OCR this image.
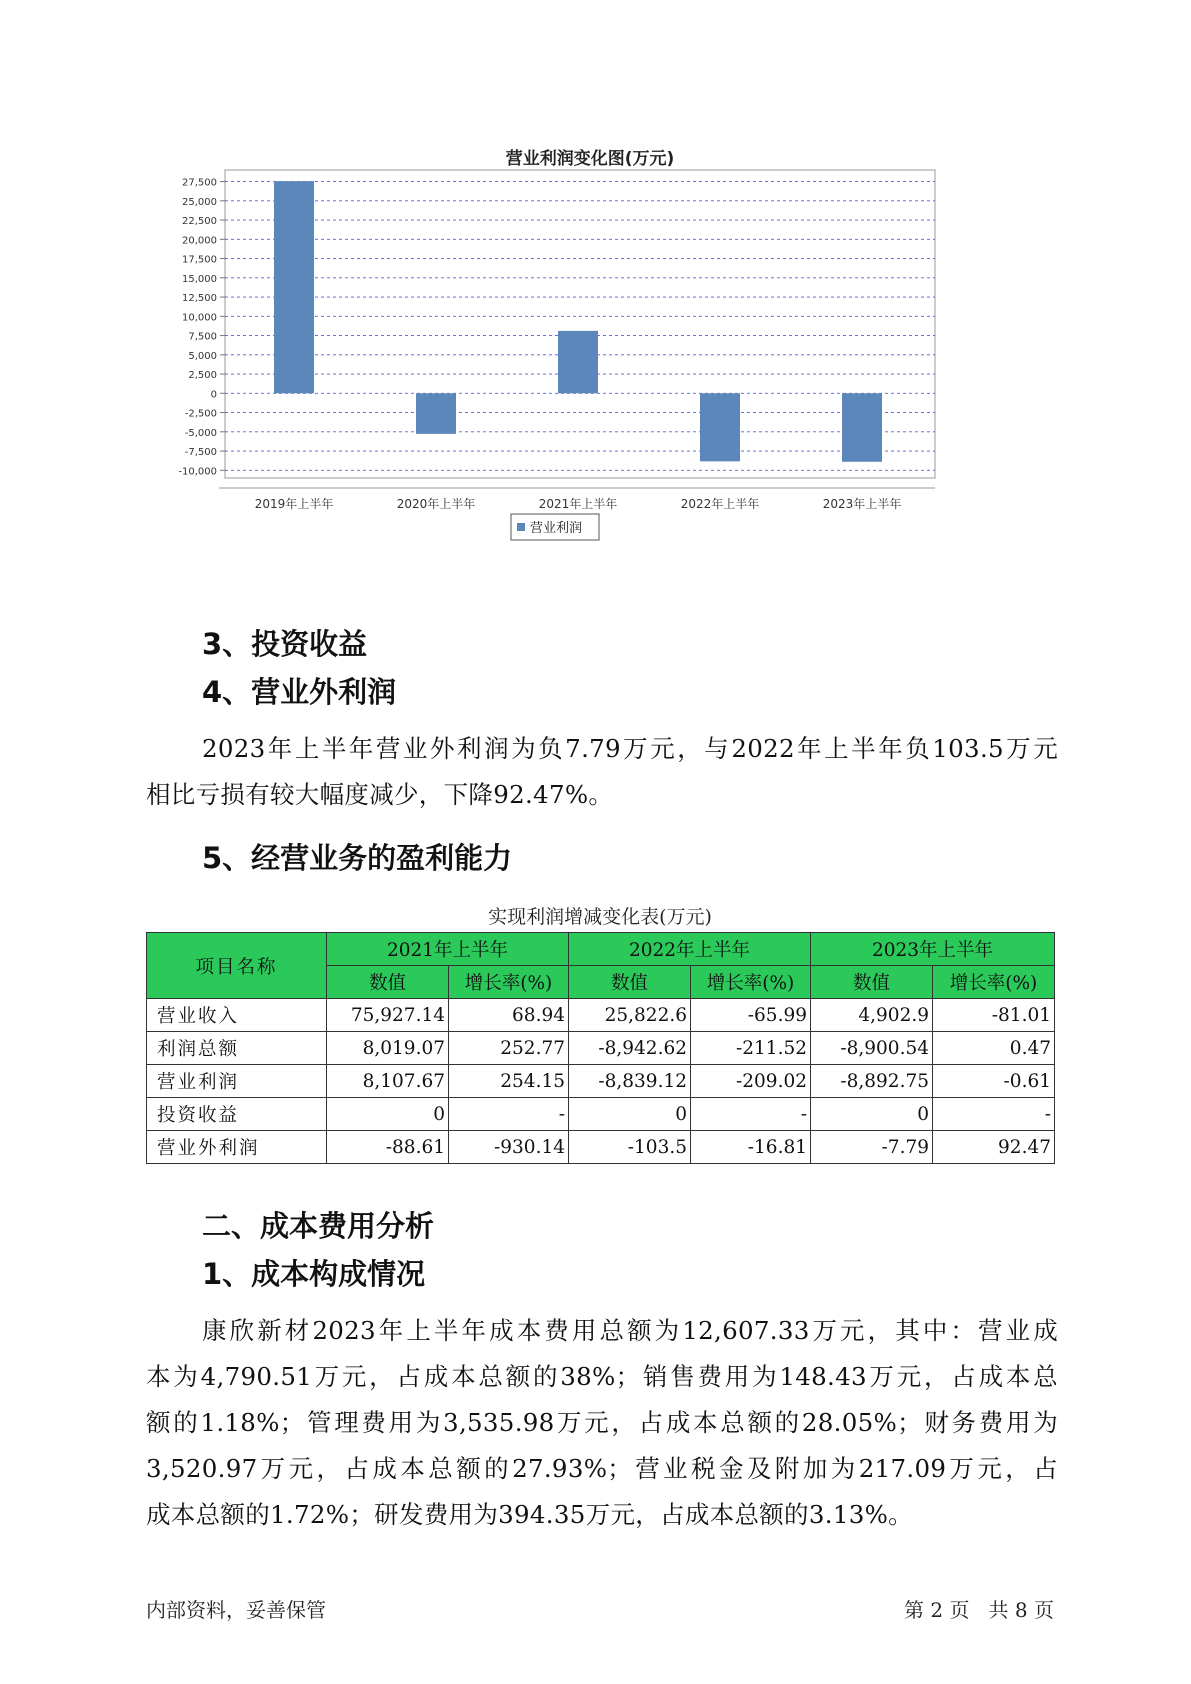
营业利润变化图(万元)
-10,000
-7,500
-5,000
-2,500
0
2,500
5,000
7,500
10,000
12,500
15,000
17,500
20,000
22,500
25,000
27,500
2019年上半年	2020年上半年	2021年上半年	2022年上半年	2023年上半年
营业利润
3、投资收益
4、营业外利润
2023年上半年营业外利润为负7.79万元，与2022年上半年负103.5万元
相比亏损有较大幅度减少，下降92.47%。
5、经营业务的盈利能力
实现利润增减变化表(万元)
项目名称	2021年上半年		2022年上半年		2023年上半年	
	数值	增长率(%)	数值	增长率(%)	数值	增长率(%)
营业收入	75,927.14	68.94	25,822.6	-65.99	4,902.9	-81.01
利润总额	8,019.07	252.77	-8,942.62	-211.52	-8,900.54	0.47
营业利润	8,107.67	254.15	-8,839.12	-209.02	-8,892.75	-0.61
投资收益	0	-	0	-	0	-
营业外利润	-88.61	-930.14	-103.5	-16.81	-7.79	92.47
二、成本费用分析
1、成本构成情况
康欣新材2023年上半年成本费用总额为12,607.33万元，其中：营业成
本为4,790.51万元，占成本总额的38%；销售费用为148.43万元，占成本总
额的1.18%；管理费用为3,535.98万元，占成本总额的28.05%；财务费用为
3,520.97万元，占成本总额的27.93%；营业税金及附加为217.09万元，占
成本总额的1.72%；研发费用为394.35万元，占成本总额的3.13%。
内部资料，妥善保管	第 2 页   共 8 页
